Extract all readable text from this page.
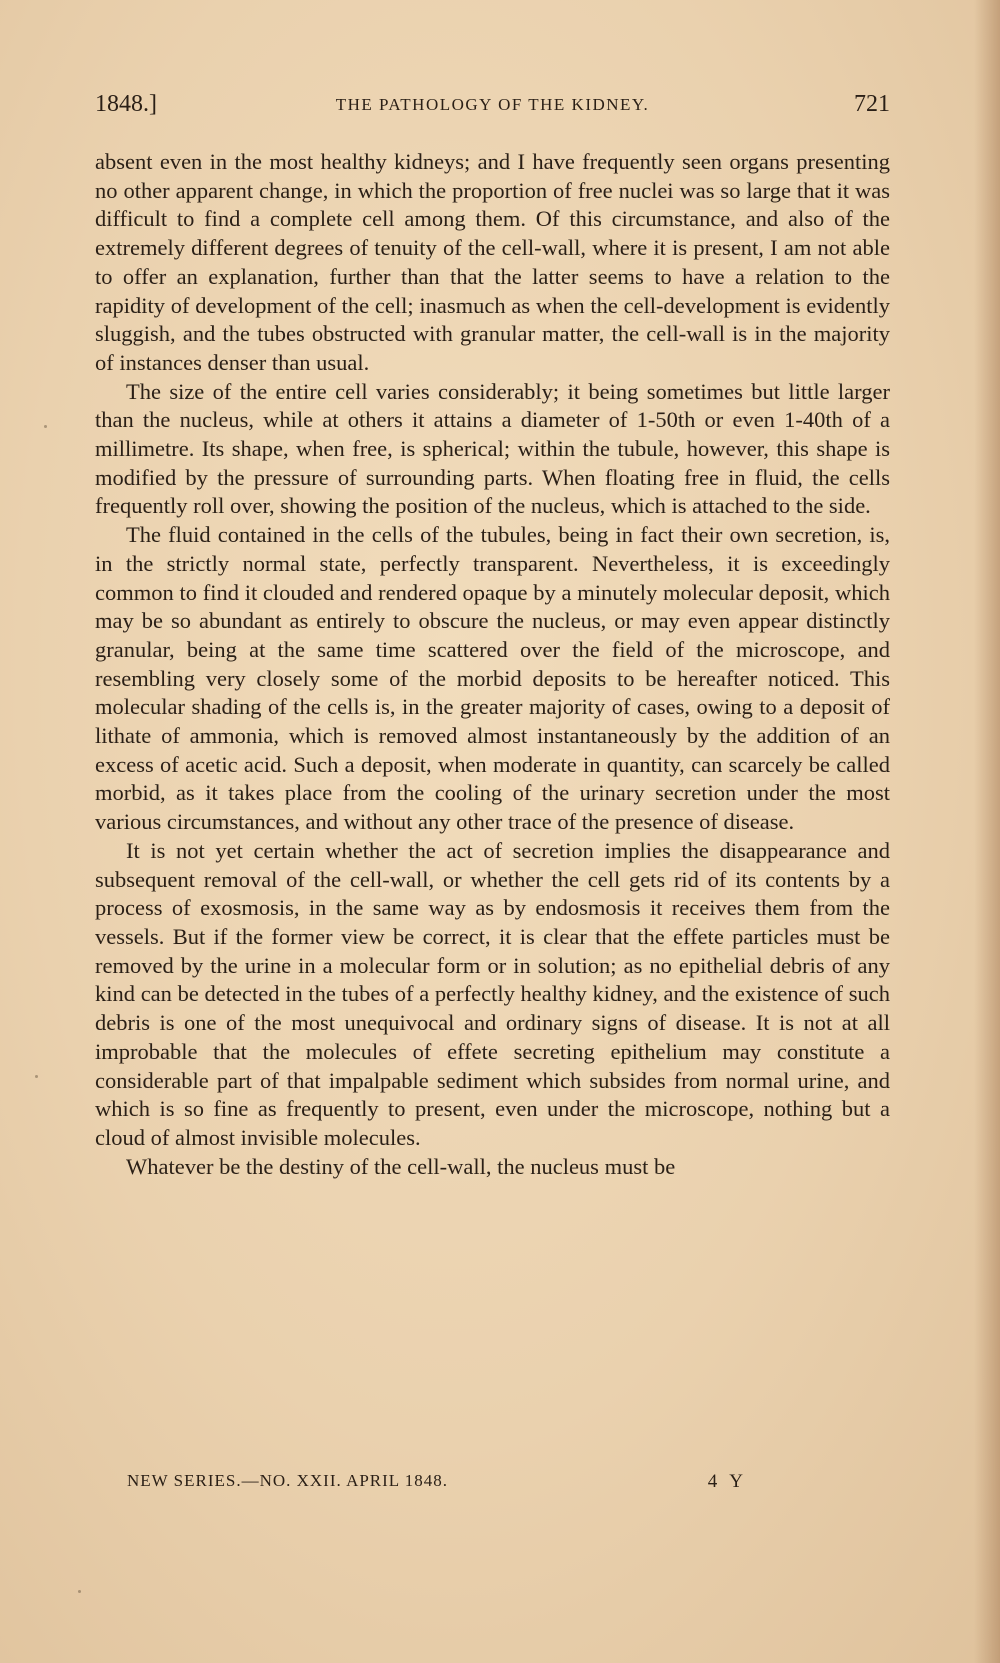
1848.]	THE PATHOLOGY OF THE KIDNEY.	721

absent even in the most healthy kidneys; and I have frequently seen organs presenting no other apparent change, in which the proportion of free nuclei was so large that it was difficult to find a complete cell among them. Of this circumstance, and also of the extremely different degrees of tenuity of the cell-wall, where it is present, I am not able to offer an explanation, further than that the latter seems to have a relation to the rapidity of development of the cell; inasmuch as when the cell-development is evidently sluggish, and the tubes obstructed with granular matter, the cell-wall is in the majority of instances denser than usual.

The size of the entire cell varies considerably; it being sometimes but little larger than the nucleus, while at others it attains a diameter of 1-50th or even 1-40th of a millimetre. Its shape, when free, is spherical; within the tubule, however, this shape is modified by the pressure of surrounding parts. When floating free in fluid, the cells frequently roll over, showing the position of the nucleus, which is attached to the side.

The fluid contained in the cells of the tubules, being in fact their own secretion, is, in the strictly normal state, perfectly transparent. Nevertheless, it is exceedingly common to find it clouded and rendered opaque by a minutely molecular deposit, which may be so abundant as entirely to obscure the nucleus, or may even appear distinctly granular, being at the same time scattered over the field of the microscope, and resembling very closely some of the morbid deposits to be hereafter noticed. This molecular shading of the cells is, in the greater majority of cases, owing to a deposit of lithate of ammonia, which is removed almost instantaneously by the addition of an excess of acetic acid. Such a deposit, when moderate in quantity, can scarcely be called morbid, as it takes place from the cooling of the urinary secretion under the most various circumstances, and without any other trace of the presence of disease.

It is not yet certain whether the act of secretion implies the disappearance and subsequent removal of the cell-wall, or whether the cell gets rid of its contents by a process of exosmosis, in the same way as by endosmosis it receives them from the vessels. But if the former view be correct, it is clear that the effete particles must be removed by the urine in a molecular form or in solution; as no epithelial debris of any kind can be detected in the tubes of a perfectly healthy kidney, and the existence of such debris is one of the most unequivocal and ordinary signs of disease. It is not at all improbable that the molecules of effete secreting epithelium may constitute a considerable part of that impalpable sediment which subsides from normal urine, and which is so fine as frequently to present, even under the microscope, nothing but a cloud of almost invisible molecules.

Whatever be the destiny of the cell-wall, the nucleus must be

NEW SERIES.—NO. XXII. APRIL 1848.	4 Y
